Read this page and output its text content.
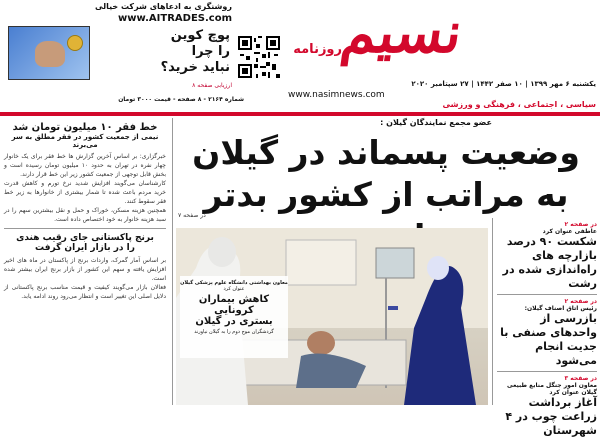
روشنگری به ادعاهای شرکت خیالی
www.AITRADES.com
پوچ کوین
را چرا
نباید خرید؟
ارزیابی صفحه ۸
شماره ۲۱۶۴ - ۸ صفحه - قیمت ۳۰۰۰ تومان
نسیم
روزنامه
یکشنبه ۶ مهر ۱۳۹۹ | ۱۰ صفر ۱۴۴۲ | ۲۷ سپتامبر ۲۰۲۰
www.nasimnews.com
سیاسی ، اجتماعی ، فرهنگی و ورزشی
خط فقر ۱۰ میلیون تومان شد
نیمی از جمعیت کشور در فقر مطلق به سر می‌برند
خبرگزاری: بر اساس آخرین گزارش ها خط فقر برای یک خانوار چهار نفره در تهران به حدود ۱۰ میلیون تومان رسیده است و بخش قابل توجهی از جمعیت کشور زیر این خط قرار دارند.
کارشناسان می‌گویند افزایش شدید نرخ تورم و کاهش قدرت خرید مردم باعث شده تا شمار بیشتری از خانوارها به زیر خط فقر سقوط کنند.
همچنین هزینه مسکن، خوراک و حمل و نقل بیشترین سهم را در سبد هزینه خانوار به خود اختصاص داده است.
برنج پاکستانی جای رقیب هندی
را در بازار ایران گرفت
بر اساس آمار گمرک، واردات برنج از پاکستان در ماه های اخیر افزایش یافته و سهم این کشور از بازار برنج ایران بیشتر شده است.
فعالان بازار می‌گویند کیفیت و قیمت مناسب برنج پاکستانی از دلایل اصلی این تغییر است و انتظار می‌رود روند ادامه یابد.
عضو مجمع نمایندگان گیلان :
وضعیت پسماند در گیلان
به مراتب از کشور بدتر
در صفحه ۷
معاون بهداشتی دانشگاه علوم پزشکی گیلان
عنوان کرد
کاهش بیماران کرونایی
بستری در گیلان
گردشگران موج دوم را به گیلان نیاورند
در صفحه ۲
عاطفی عنوان کرد
شکست ۹۰ درصد بازارچه های راه‌اندازی شده در رشت
در صفحه ۲
رئیس اتاق اصناف گیلان:
بازرسی از واحدهای صنفی با جدیت انجام می‌شود
در صفحه ۳
معاون امور جنگل منابع طبیعی گیلان عنوان کرد
آغاز برداشت زراعت چوب در ۴ شهرستان
